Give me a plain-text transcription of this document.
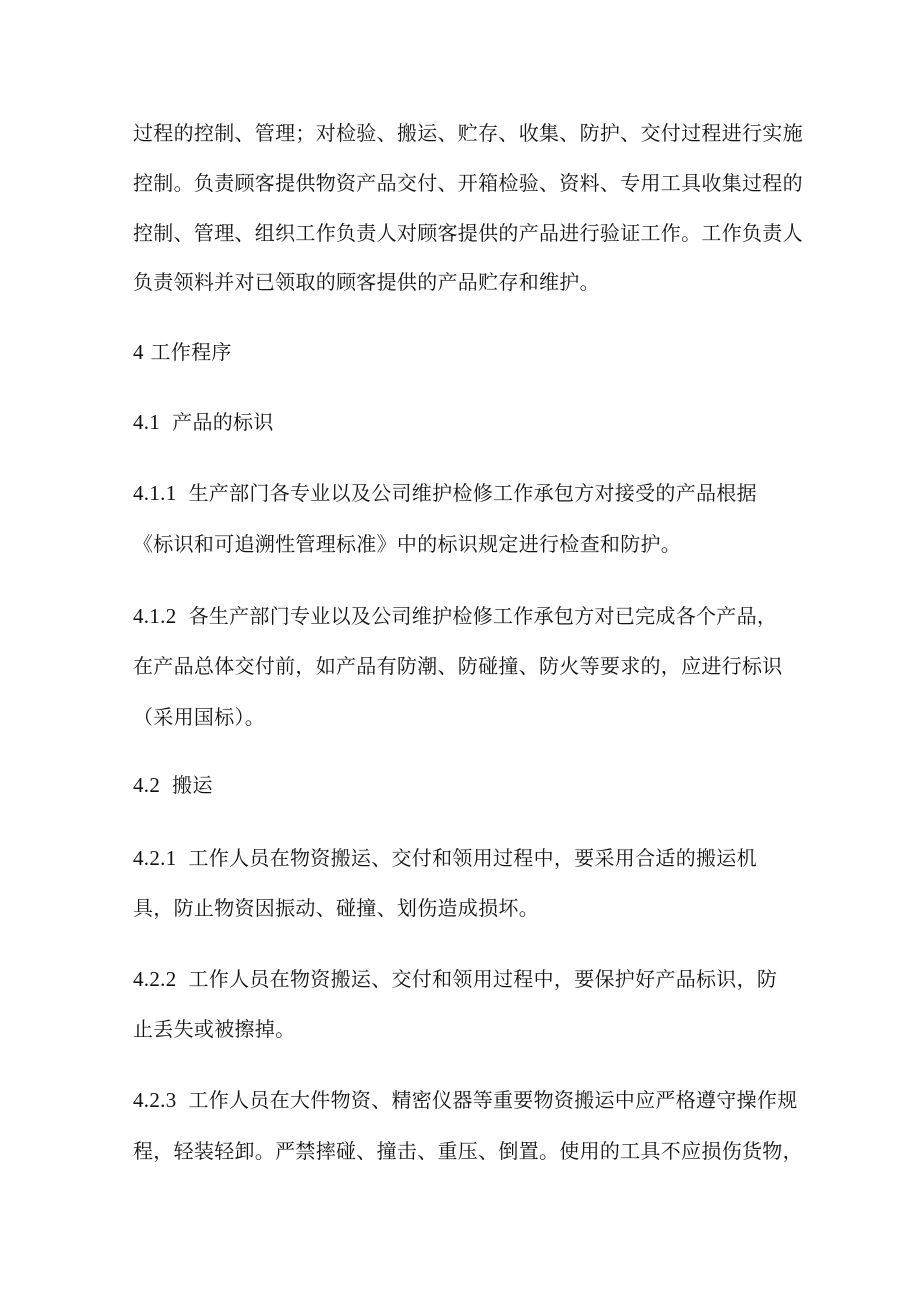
过程的控制、管理；对检验、搬运、贮存、收集、防护、交付过程进行实施
控制。负责顾客提供物资产品交付、开箱检验、资料、专用工具收集过程的
控制、管理、组织工作负责人对顾客提供的产品进行验证工作。工作负责人
负责领料并对已领取的顾客提供的产品贮存和维护。
4 工作程序
4.1 产品的标识
4.1.1 生产部门各专业以及公司维护检修工作承包方对接受的产品根据
《标识和可追溯性管理标准》中的标识规定进行检查和防护。
4.1.2 各生产部门专业以及公司维护检修工作承包方对已完成各个产品，
在产品总体交付前，如产品有防潮、防碰撞、防火等要求的，应进行标识
（采用国标）。
4.2 搬运
4.2.1 工作人员在物资搬运、交付和领用过程中，要采用合适的搬运机
具，防止物资因振动、碰撞、划伤造成损坏。
4.2.2 工作人员在物资搬运、交付和领用过程中，要保护好产品标识，防
止丢失或被擦掉。
4.2.3 工作人员在大件物资、精密仪器等重要物资搬运中应严格遵守操作规
程，轻装轻卸。严禁摔碰、撞击、重压、倒置。使用的工具不应损伤货物，
